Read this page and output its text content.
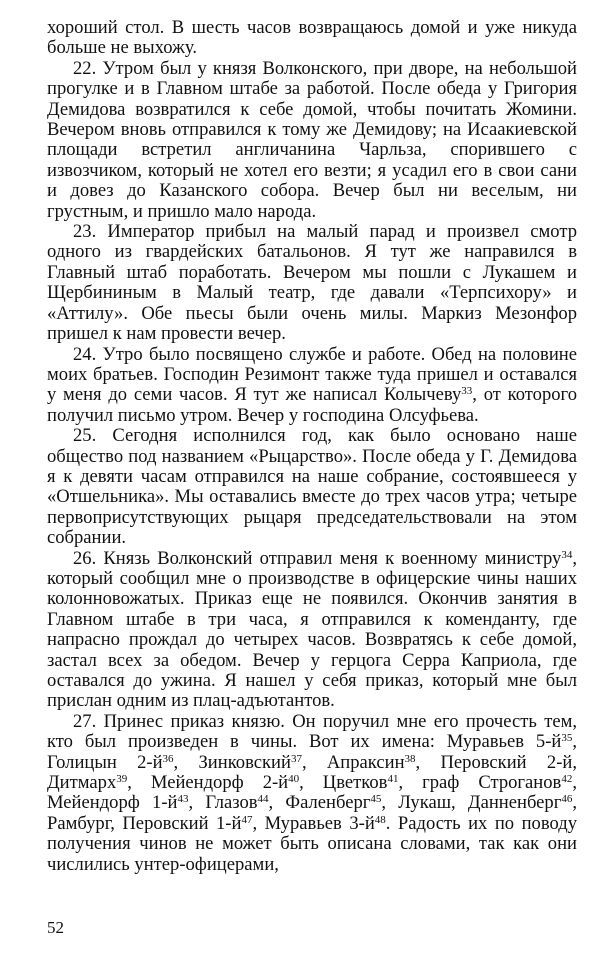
хороший стол. В шесть часов возвращаюсь домой и уже никуда больше не выхожу.

22. Утром был у князя Волконского, при дворе, на небольшой прогулке и в Главном штабе за работой. После обеда у Григория Демидова возвратился к себе домой, чтобы почитать Жомини. Вечером вновь отправился к тому же Демидову; на Исаакиевской площади встретил англичанина Чарльза, спорившего с извозчиком, который не хотел его везти; я усадил его в свои сани и довез до Казанского собора. Вечер был ни веселым, ни грустным, и пришло мало народа.

23. Император прибыл на малый парад и произвел смотр одного из гвардейских батальонов. Я тут же направился в Главный штаб поработать. Вечером мы пошли с Лукашем и Щербининым в Малый театр, где давали «Терпсихору» и «Аттилу». Обе пьесы были очень милы. Маркиз Мезонфор пришел к нам провести вечер.

24. Утро было посвящено службе и работе. Обед на половине моих братьев. Господин Резимонт также туда пришел и оставался у меня до семи часов. Я тут же написал Колычеву$^{33}$, от которого получил письмо утром. Вечер у господина Олсуфьева.

25. Сегодня исполнился год, как было основано наше общество под названием «Рыцарство». После обеда у Г. Демидова я к девяти часам отправился на наше собрание, состоявшееся у «Отшельника». Мы оставались вместе до трех часов утра; четыре первоприсутствующих рыцаря председательствовали на этом собрании.

26. Князь Волконский отправил меня к военному министру$^{34}$, который сообщил мне о производстве в офицерские чины наших колонновожатых. Приказ еще не появился. Окончив занятия в Главном штабе в три часа, я отправился к коменданту, где напрасно прождал до четырех часов. Возвратясь к себе домой, застал всех за обедом. Вечер у герцога Серра Каприола, где оставался до ужина. Я нашел у себя приказ, который мне был прислан одним из плац-адъютантов.

27. Принес приказ князю. Он поручил мне его прочесть тем, кто был произведен в чины. Вот их имена: Муравьев $5-й^{35}$, Голицын $2-й^{36}$, Зинковский$^{37}$, Апраксин$^{38}$, Перовский 2-й, Дитмарх$^{39}$, Мейендорф $2-й^{40}$, Цветков$^{41}$, граф Строганов$^{42}$, Мейендорф $1-й^{43}$, Глазов$^{44}$, Фаленберг$^{45}$, Лукаш, Данненберг$^{46}$, Рамбург, Перовский $1-й^{47}$, Муравьев $3-й^{48}$. Радость их по поводу получения чинов не может быть описана словами, так как они числились унтер-офицерами,

52
